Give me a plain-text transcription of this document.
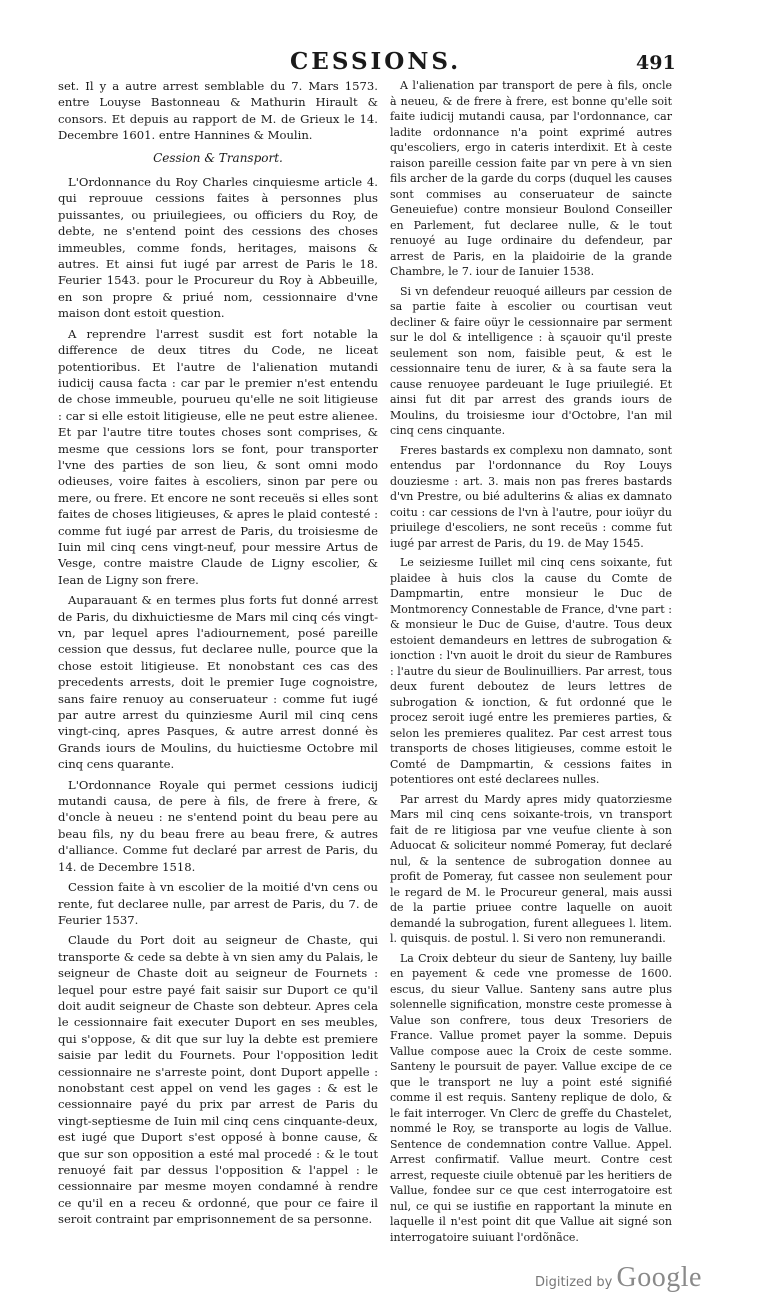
CESSIONS.	491

set. Il y a autre arrest semblable du 7. Mars 1573. entre Louyse Bastonneau & Mathurin Hirault & consors. Et depuis au rapport de M. de Grieux le 14. Decembre 1601. entre Hannines & Moulin.

Cession & Transport.

L'Ordonnance du Roy Charles cinquiesme article 4. qui reprouue cessions faites à personnes plus puissantes, ou priuilegiees, ou officiers du Roy, de debte, ne s'entend point des cessions des choses immeubles, comme fonds, heritages, maisons & autres. Et ainsi fut iugé par arrest de Paris le 18. Feurier 1543. pour le Procureur du Roy à Abbeuille, en son propre & priué nom, cessionnaire d'vne maison dont estoit question.

A reprendre l'arrest susdit est fort notable la difference de deux titres du Code, ne liceat potentioribus. Et l'autre de l'alienation mutandi iudicij causa facta : car par le premier n'est entendu de chose immeuble, pourueu qu'elle ne soit litigieuse : car si elle estoit litigieuse, elle ne peut estre alienee. Et par l'autre titre toutes choses sont comprises, & mesme que cessions lors se font, pour transporter l'vne des parties de son lieu, & sont omni modo odieuses, voire faites à escoliers, sinon par pere ou mere, ou frere. Et encore ne sont receuës si elles sont faites de choses litigieuses, & apres le plaid contesté : comme fut iugé par arrest de Paris, du troisiesme de Iuin mil cinq cens vingt-neuf, pour messire Artus de Vesge, contre maistre Claude de Ligny escolier, & Iean de Ligny son frere.

Auparauant & en termes plus forts fut donné arrest de Paris, du dixhuictiesme de Mars mil cinq cés vingt-vn, par lequel apres l'adiournement, posé pareille cession que dessus, fut declaree nulle, pource que la chose estoit litigieuse. Et nonobstant ces cas des precedents arrests, doit le premier Iuge cognoistre, sans faire renuoy au conseruateur : comme fut iugé par autre arrest du quinziesme Auril mil cinq cens vingt-cinq, apres Pasques, & autre arrest donné ès Grands iours de Moulins, du huictiesme Octobre mil cinq cens quarante.

L'Ordonnance Royale qui permet cessions iudicij mutandi causa, de pere à fils, de frere à frere, & d'oncle à neueu : ne s'entend point du beau pere au beau fils, ny du beau frere au beau frere, & autres d'alliance. Comme fut declaré par arrest de Paris, du 14. de Decembre 1518.

Cession faite à vn escolier de la moitié d'vn cens ou rente, fut declaree nulle, par arrest de Paris, du 7. de Feurier 1537.

Claude du Port doit au seigneur de Chaste, qui transporte & cede sa debte à vn sien amy du Palais, le seigneur de Chaste doit au seigneur de Fournets : lequel pour estre payé fait saisir sur Duport ce qu'il doit audit seigneur de Chaste son debteur. Apres cela le cessionnaire fait executer Duport en ses meubles, qui s'oppose, & dit que sur luy la debte est premiere saisie par ledit du Fournets. Pour l'opposition ledit cessionnaire ne s'arreste point, dont Duport appelle : nonobstant cest appel on vend les gages : & est le cessionnaire payé du prix par arrest de Paris du vingt-septiesme de Iuin mil cinq cens cinquante-deux, est iugé que Duport s'est opposé à bonne cause, & que sur son opposition a esté mal procedé : & le tout renuoyé fait par dessus l'opposition & l'appel : le cessionnaire par mesme moyen condamné à rendre ce qu'il en a receu & ordonné, que pour ce faire il seroit contraint par emprisonnement de sa personne.

A l'alienation par transport de pere à fils, oncle à neueu, & de frere à frere, est bonne qu'elle soit faite iudicij mutandi causa, par l'ordonnance, car ladite ordonnance n'a point exprimé autres qu'escoliers, ergo in cateris interdixit. Et à ceste raison pareille cession faite par vn pere à vn sien fils archer de la garde du corps (duquel les causes sont commises au conseruateur de saincte Geneuiefue) contre monsieur Boulond Conseiller en Parlement, fut declaree nulle, & le tout renuoyé au Iuge ordinaire du defendeur, par arrest de Paris, en la plaidoirie de la grande Chambre, le 7. iour de Ianuier 1538.

Si vn defendeur reuoqué ailleurs par cession de sa partie faite à escolier ou courtisan veut decliner & faire oüyr le cessionnaire par serment sur le dol & intelligence : à sçauoir qu'il preste seulement son nom, faisible peut, & est le cessionnaire tenu de iurer, & à sa faute sera la cause renuoyee pardeuant le Iuge priuilegié. Et ainsi fut dit par arrest des grands iours de Moulins, du troisiesme iour d'Octobre, l'an mil cinq cens cinquante.

Freres bastards ex complexu non damnato, sont entendus par l'ordonnance du Roy Louys douziesme : art. 3. mais non pas freres bastards d'vn Prestre, ou bié adulterins & alias ex damnato coitu : car cessions de l'vn à l'autre, pour ioüyr du priuilege d'escoliers, ne sont receüs : comme fut iugé par arrest de Paris, du 19. de May 1545.

Le seiziesme Iuillet mil cinq cens soixante, fut plaidee à huis clos la cause du Comte de Dampmartin, entre monsieur le Duc de Montmorency Connestable de France, d'vne part : & monsieur le Duc de Guise, d'autre. Tous deux estoient demandeurs en lettres de subrogation & ionction : l'vn auoit le droit du sieur de Rambures : l'autre du sieur de Boulinuilliers. Par arrest, tous deux furent deboutez de leurs lettres de subrogation & ionction, & fut ordonné que le procez seroit iugé entre les premieres parties, & selon les premieres qualitez. Par cest arrest tous transports de choses litigieuses, comme estoit le Comté de Dampmartin, & cessions faites in potentiores ont esté declarees nulles.

Par arrest du Mardy apres midy quatorziesme Mars mil cinq cens soixante-trois, vn transport fait de re litigiosa par vne veufue cliente à son Aduocat & soliciteur nommé Pomeray, fut declaré nul, & la sentence de subrogation donnee au profit de Pomeray, fut cassee non seulement pour le regard de M. le Procureur general, mais aussi de la partie priuee contre laquelle on auoit demandé la subrogation, furent alleguees l. litem. l. quisquis. de postul. l. Si vero non remunerandi.

La Croix debteur du sieur de Santeny, luy baille en payement & cede vne promesse de 1600. escus, du sieur Vallue. Santeny sans autre plus solennelle signification, monstre ceste promesse à Value son confrere, tous deux Tresoriers de France. Vallue promet payer la somme. Depuis Vallue compose auec la Croix de ceste somme. Santeny le poursuit de payer. Vallue excipe de ce que le transport ne luy a point esté signifié comme il est requis. Santeny replique de dolo, & le fait interroger. Vn Clerc de greffe du Chastelet, nommé le Roy, se transporte au logis de Vallue. Sentence de condemnation contre Vallue. Appel. Arrest confirmatif. Vallue meurt. Contre cest arrest, requeste ciuile obtenuë par les heritiers de Vallue, fondee sur ce que cest interrogatoire est nul, ce qui se iustifie en rapportant la minute en laquelle il n'est point dit que Vallue ait signé son interrogatoire suiuant l'ordõnãce.

Digitized by Google
